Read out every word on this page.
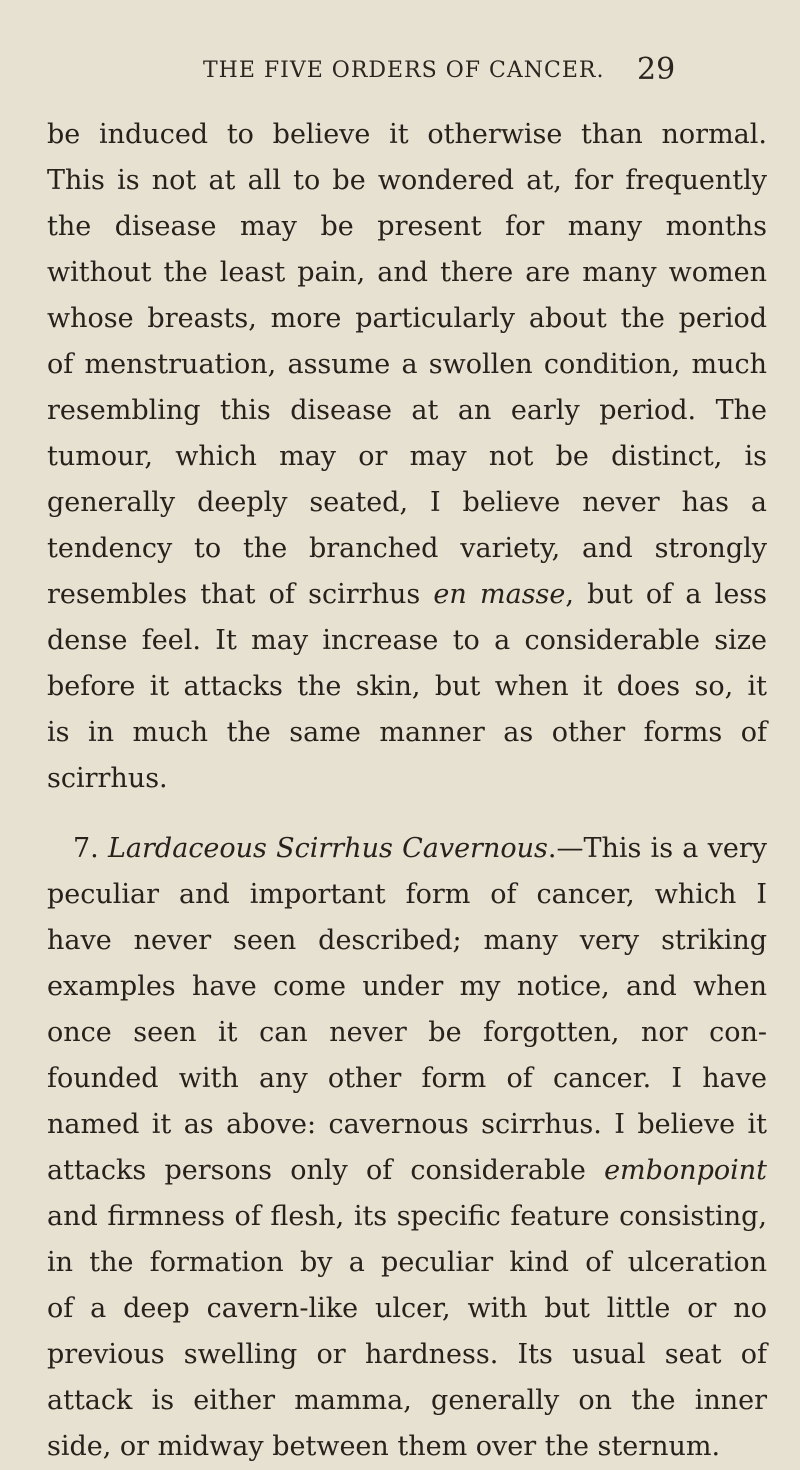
THE FIVE ORDERS OF CANCER. 29
be induced to believe it otherwise than normal.
This is not at all to be wondered at, for frequently
the disease may be present for many months
without the least pain, and there are many women
whose breasts, more particularly about the period
of menstruation, assume a swollen condition, much
resembling this disease at an early period. The
tumour, which may or may not be distinct, is
generally deeply seated, I believe never has a
tendency to the branched variety, and strongly
resembles that of scirrhus en masse, but of a less
dense feel. It may increase to a considerable size
before it attacks the skin, but when it does so, it
is in much the same manner as other forms of
scirrhus.
7. Lardaceous Scirrhus Cavernous.—This is a very
peculiar and important form of cancer, which I
have never seen described; many very striking
examples have come under my notice, and when
once seen it can never be forgotten, nor con-
founded with any other form of cancer. I have
named it as above: cavernous scirrhus. I believe it
attacks persons only of considerable embonpoint
and firmness of flesh, its specific feature consisting,
in the formation by a peculiar kind of ulceration
of a deep cavern-like ulcer, with but little or no
previous swelling or hardness. Its usual seat of
attack is either mamma, generally on the inner
side, or midway between them over the sternum.
